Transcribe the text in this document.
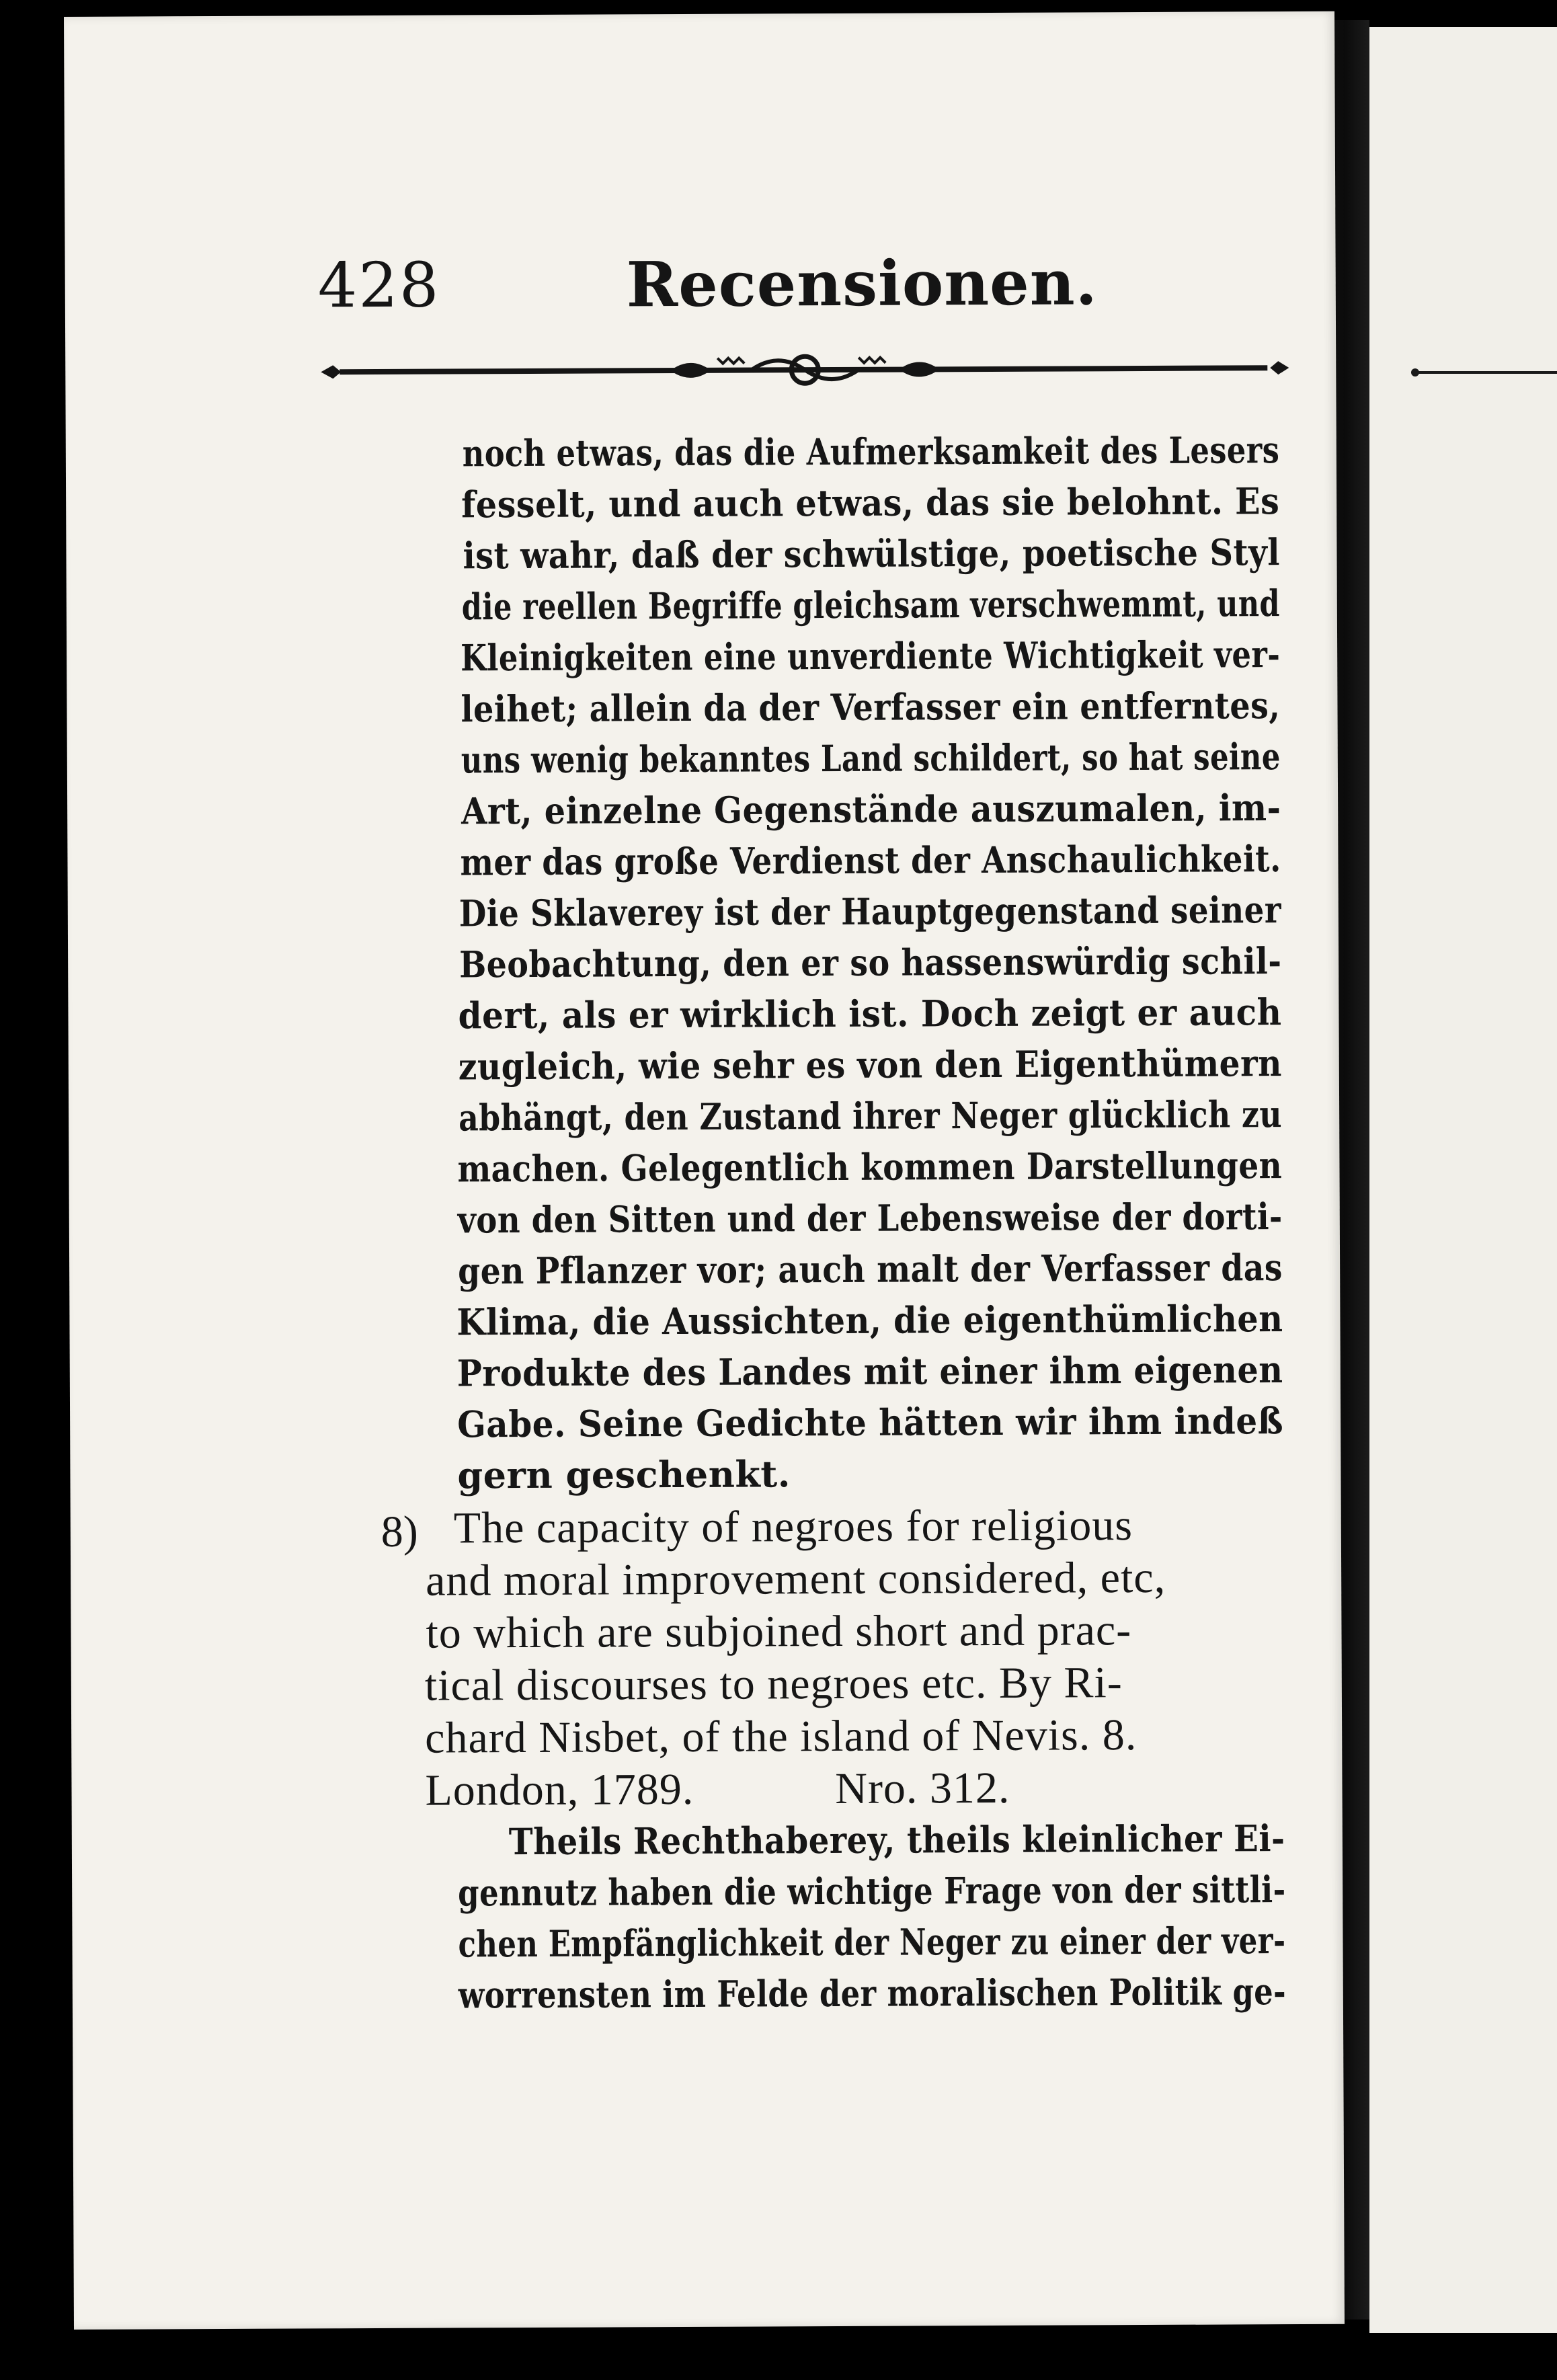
428	Recensionen.
noch etwas, das die Aufmerksamkeit des Lesers
fesselt, und auch etwas, das sie belohnt. Es
ist wahr, daß der schwülstige, poetische Styl
die reellen Begriffe gleichsam verschwemmt, und
Kleinigkeiten eine unverdiente Wichtigkeit ver-
leihet; allein da der Verfasser ein entferntes,
uns wenig bekanntes Land schildert, so hat seine
Art, einzelne Gegenstände auszumalen, im-
mer das große Verdienst der Anschaulichkeit.
Die Sklaverey ist der Hauptgegenstand seiner
Beobachtung, den er so hassenswürdig schil-
dert, als er wirklich ist. Doch zeigt er auch
zugleich, wie sehr es von den Eigenthümern
abhängt, den Zustand ihrer Neger glücklich zu
machen. Gelegentlich kommen Darstellungen
von den Sitten und der Lebensweise der dorti-
gen Pflanzer vor; auch malt der Verfasser das
Klima, die Aussichten, die eigenthümlichen
Produkte des Landes mit einer ihm eigenen
Gabe. Seine Gedichte hätten wir ihm indeß
gern geschenkt.
8) The capacity of negroes for religious
and moral improvement considered, etc,
to which are subjoined short and prac-
tical discourses to negroes etc. By Ri-
chard Nisbet, of the island of Nevis. 8.
London, 1789.            Nro. 312.
Theils Rechthaberey, theils kleinlicher Ei-
gennutz haben die wichtige Frage von der sittli-
chen Empfänglichkeit der Neger zu einer der ver-
worrensten im Felde der moralischen Politik ge-
